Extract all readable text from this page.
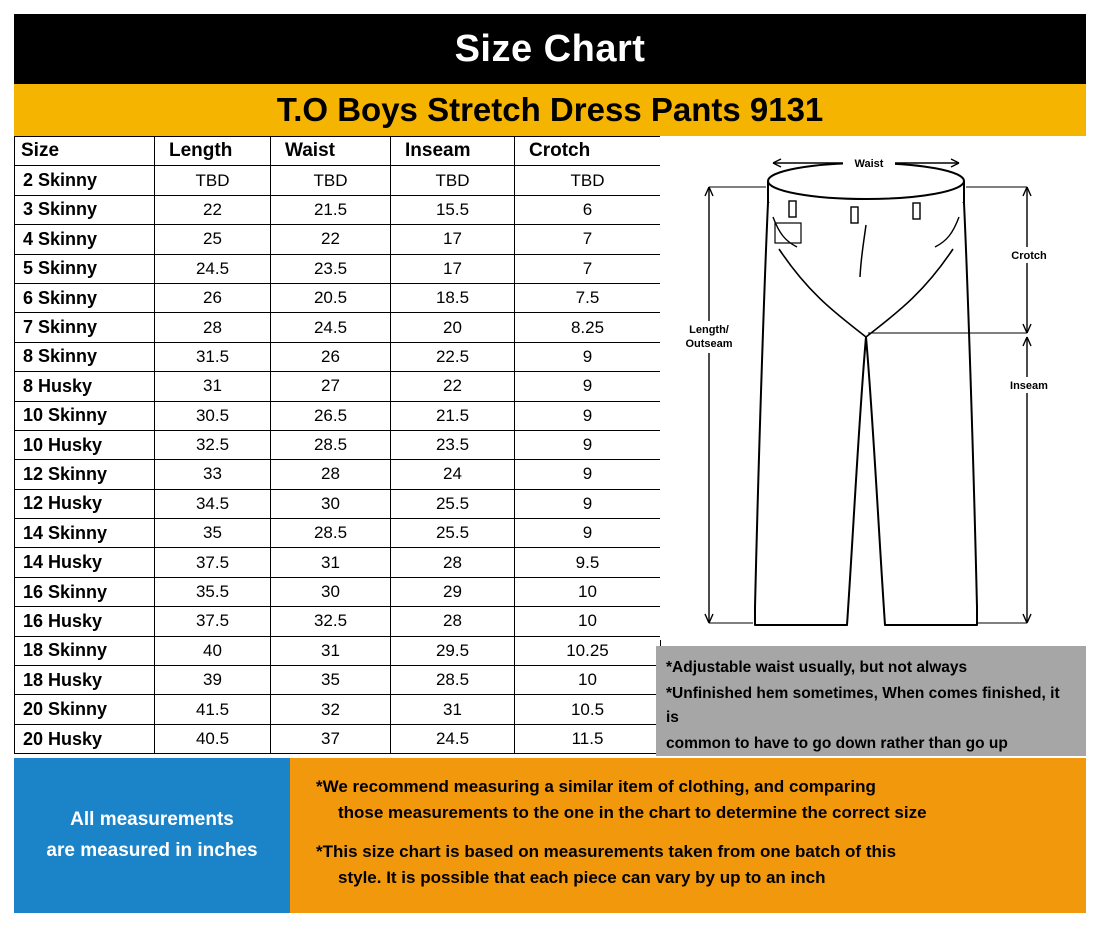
Size Chart
T.O Boys Stretch Dress Pants 9131
Size	Length	Waist	Inseam	Crotch
2 Skinny	TBD	TBD	TBD	TBD
3 Skinny	22	21.5	15.5	6
4 Skinny	25	22	17	7
5 Skinny	24.5	23.5	17	7
6 Skinny	26	20.5	18.5	7.5
7 Skinny	28	24.5	20	8.25
8 Skinny	31.5	26	22.5	9
8 Husky	31	27	22	9
10 Skinny	30.5	26.5	21.5	9
10 Husky	32.5	28.5	23.5	9
12 Skinny	33	28	24	9
12 Husky	34.5	30	25.5	9
14 Skinny	35	28.5	25.5	9
14 Husky	37.5	31	28	9.5
16 Skinny	35.5	30	29	10
16 Husky	37.5	32.5	28	10
18 Skinny	40	31	29.5	10.25
18 Husky	39	35	28.5	10
20 Skinny	41.5	32	31	10.5
20 Husky	40.5	37	24.5	11.5
Waist
Length/
Outseam
Crotch
Inseam

*Adjustable waist usually, but not always

*Unfinished hem sometimes, When comes finished, it is

common to have to go down rather than go up

All measurements
are measured in inches

*We recommend measuring a similar item of clothing, and comparing
those measurements to the one in the chart to determine the correct size

*This size chart is based on measurements taken from one batch of this
style. It is possible that each piece can vary by up to an inch
